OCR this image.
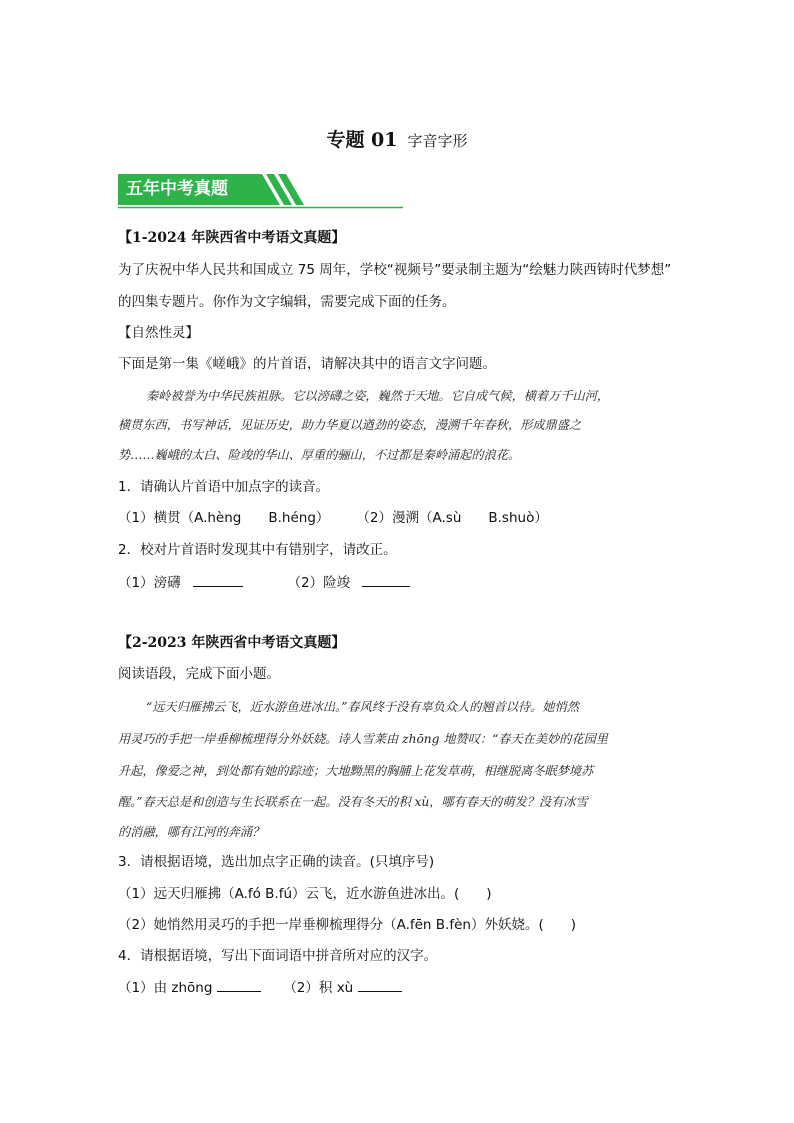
专题 01 字音字形
五年中考真题
【1-2024 年陕西省中考语文真题】
为了庆祝中华人民共和国成立 75 周年，学校“视频号”要录制主题为“绘魅力陕西铸时代梦想”
的四集专题片。你作为文字编辑，需要完成下面的任务。
【自然性灵】
下面是第一集《嵯峨》的片首语，请解决其中的语言文字问题。
秦岭被誉为中华民族祖脉。它以滂礴之姿，巍然于天地。它自成气候，横着万千山河，
横贯东西，书写神话，见证历史，助力华夏以遒劲的姿态，漫溯千年春秋，形成鼎盛之
势……巍峨的太白、险竣的华山、厚重的骊山，不过都是秦岭涌起的浪花。
1．请确认片首语中加点字的读音。
（1）横贯（A.hèng　　B.héng）　　　（2）漫溯（A.sù　　B.shuò）
2．校对片首语时发现其中有错别字，请改正。
（1）滂礴	（2）险竣
【2-2023 年陕西省中考语文真题】
阅读语段，完成下面小题。
“远天归雁拂云飞，近水游鱼进冰出。”春风终于没有辜负众人的翘首以待。她悄然
用灵巧的手把一岸垂柳梳理得分外妖娆。诗人雪莱由 zhōng 地赞叹：“春天在美妙的花园里
升起，像爱之神，到处都有她的踪迹；大地黝黑的胸脯上花发草萌，相继脱离冬眠梦境苏
醒。”春天总是和创造与生长联系在一起。没有冬天的积 xù，哪有春天的萌发？没有冰雪
的消融，哪有江河的奔涌？
3．请根据语境，选出加点字正确的读音。(只填序号)
（1）远天归雁拂（A.fó B.fú）云飞，近水游鱼进冰出。(　　)
（2）她悄然用灵巧的手把一岸垂柳梳理得分（A.fēn B.fèn）外妖娆。(　　)
4．请根据语境，写出下面词语中拼音所对应的汉字。
（1）由 zhōng	（2）积 xù
